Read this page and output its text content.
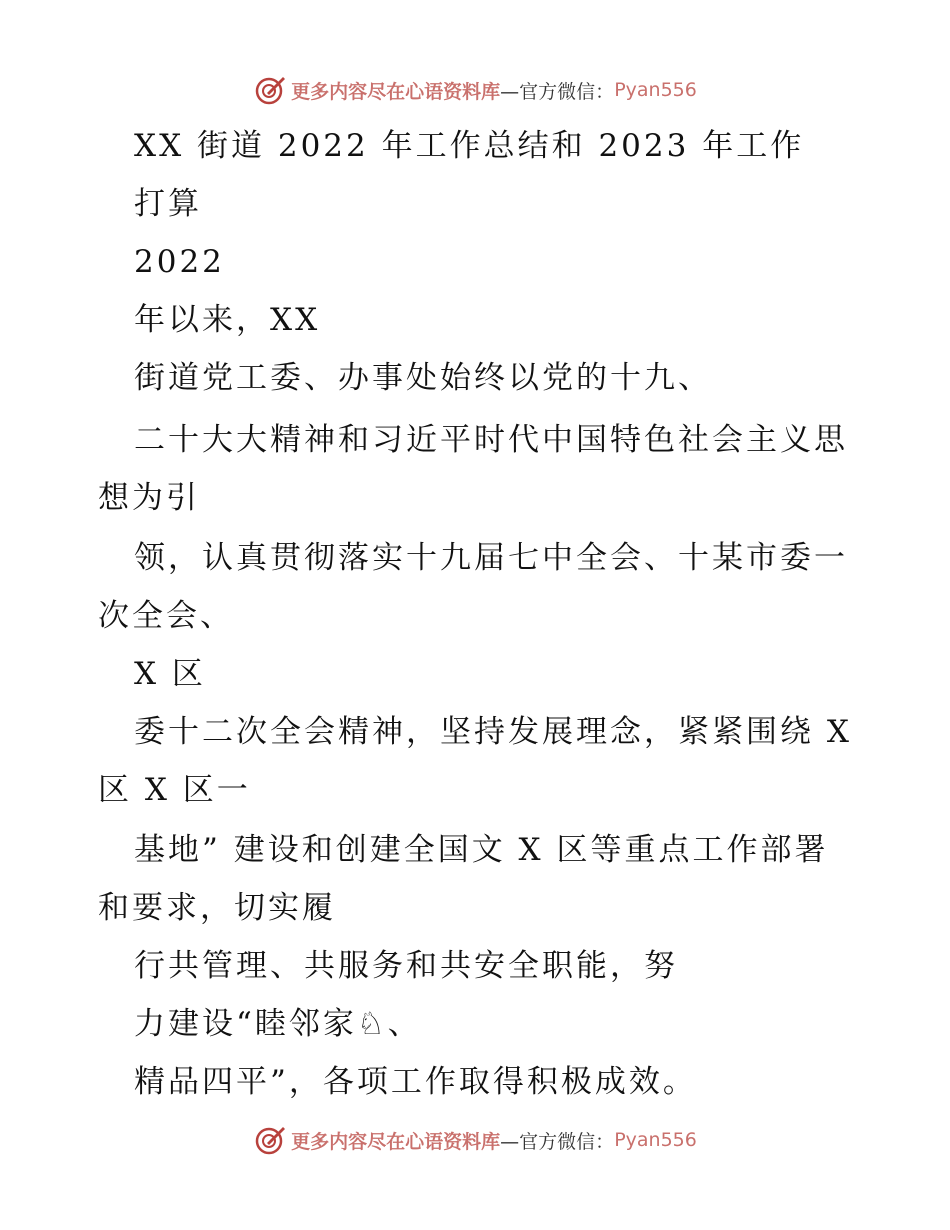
更多内容尽在心语资料库 —官方微信： Pyan556
XX 街道 2022 年工作总结和 2023 年工作
打算
2022
年以来，XX
街道党工委、办事处始终以党的十九、
二十大大精神和习近平时代中国特色社会主义思
想为引
领，认真贯彻落实十九届七中全会、十某市委一
次全会、
X 区
委十二次全会精神，坚持发展理念，紧紧围绕 X
区 X 区一
基地” 建设和创建全国文 X 区等重点工作部署
和要求，切实履
行共管理、共服务和共安全职能，努
力建设“睦邻家♘、
精品四平”，各项工作取得积极成效。
更多内容尽在心语资料库 —官方微信： Pyan556
